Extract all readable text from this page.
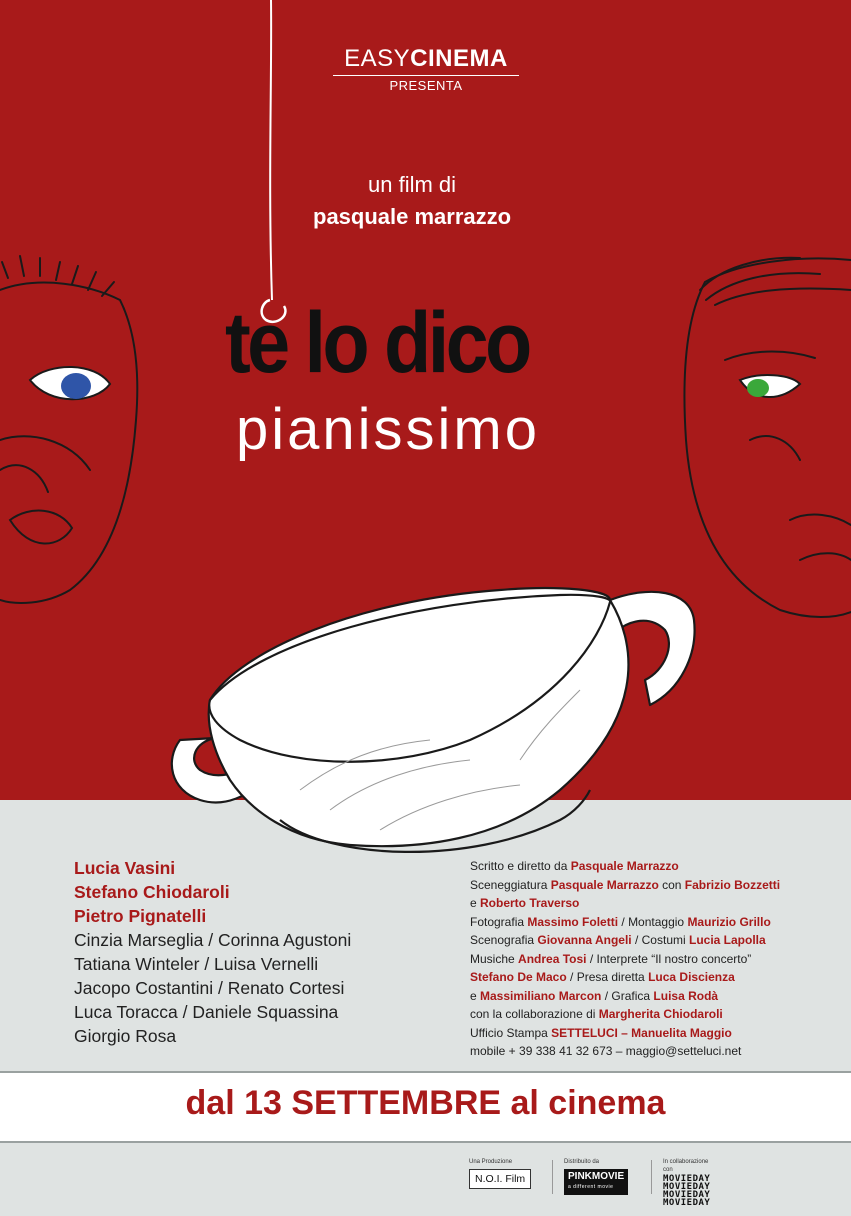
EASYCINEMA
PRESENTA
un film di
pasquale marrazzo
te lo dico
pianissimo
Lucia Vasini
Stefano Chiodaroli
Pietro Pignatelli
Cinzia Marseglia / Corinna Agustoni
Tatiana Winteler / Luisa Vernelli
Jacopo Costantini / Renato Cortesi
Luca Toracca / Daniele Squassina
Giorgio Rosa
Scritto e diretto da Pasquale Marrazzo
Sceneggiatura Pasquale Marrazzo con Fabrizio Bozzetti
e Roberto Traverso
Fotografia Massimo Foletti / Montaggio Maurizio Grillo
Scenografia Giovanna Angeli / Costumi Lucia Lapolla
Musiche Andrea Tosi / Interprete “Il nostro concerto”
Stefano De Maco / Presa diretta Luca Discienza
e Massimiliano Marcon / Grafica Luisa Rodà
con la collaborazione di Margherita Chiodaroli
Ufficio Stampa SETTELUCI – Manuelita Maggio
mobile + 39 338 41 32 673 – maggio@setteluci.net
dal 13 SETTEMBRE al cinema
Una Produzione
N.O.I. Film
Distribuito da
PINKMOVIE
a different movie
In collaborazione con
MOVIEDAY
MOVIEDAY
MOVIEDAY
MOVIEDAY
